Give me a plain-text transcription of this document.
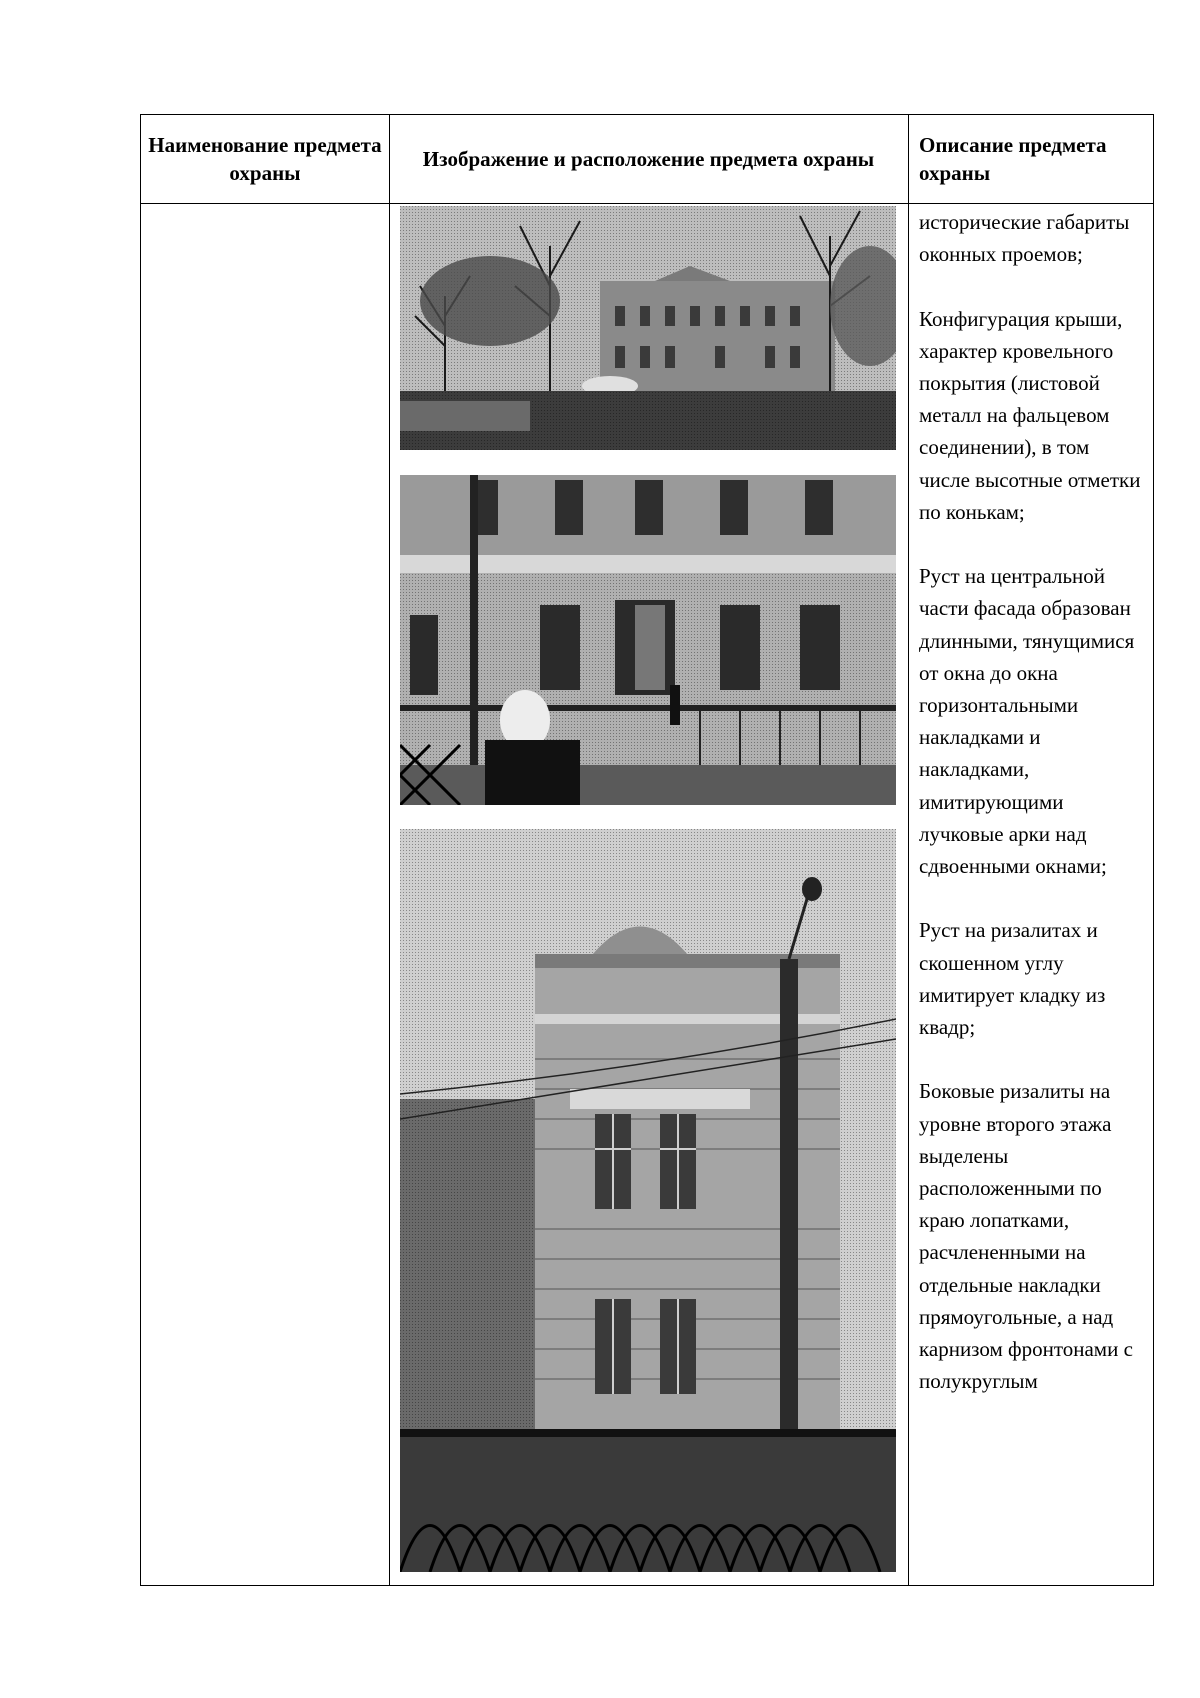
Наименование предмета охраны
Изображение и расположение предмета охраны
Описание предмета охраны

исторические габариты оконных проемов;

Конфигурация крыши, характер кровельного покрытия (листовой металл на фальцевом соединении), в том числе высотные отметки по конькам;

Руст на центральной части фасада образован длинными, тянущимися от окна до окна горизонтальными накладками и накладками, имитирующими лучковые арки над сдвоенными окнами;

Руст на ризалитах и скошенном углу имитирует кладку из квадр;

Боковые ризалиты на уровне второго этажа выделены расположенными по краю лопатками, расчлененными на отдельные накладки прямоугольные, а над карнизом фронтонами с полукруглым
